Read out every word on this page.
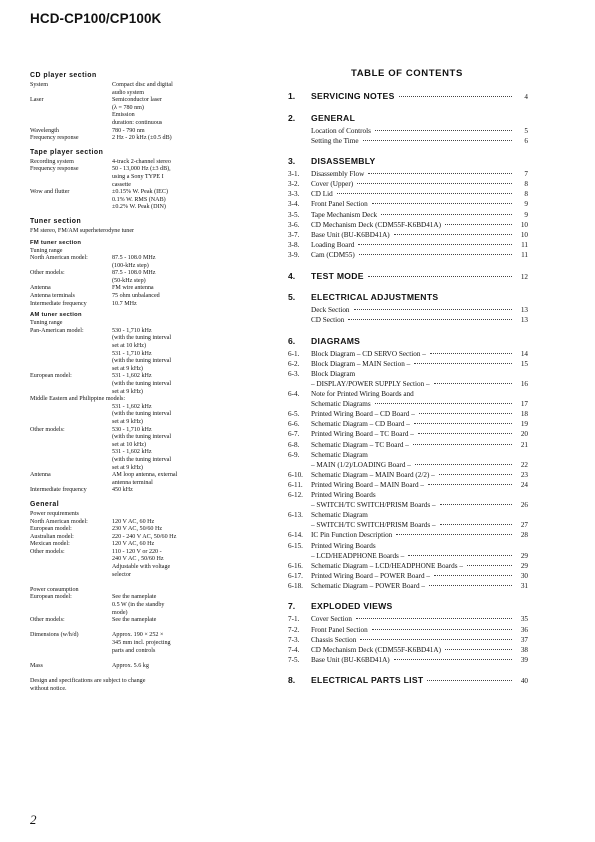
HCD-CP100/CP100K
CD player section
System	Compact disc and digital
audio system
Laser	Semiconductor laser
(λ = 780 nm)
Emission
duration: continuous
Wavelength	780 - 790 nm
Frequency response	2 Hz - 20 kHz (±0.5 dB)
Tape player section
Recording system	4-track 2-channel stereo
Frequency response	50 - 13,000 Hz (±3 dB),
using a Sony TYPE I
cassette
Wow and flutter	±0.15% W. Peak (IEC)
0.1% W. RMS (NAB)
±0.2% W. Peak (DIN)
Tuner section
FM stereo, FM/AM superheterodyne tuner
FM tuner section
Tuning range
North American model:	87.5 - 108.0 MHz
(100-kHz step)
Other models:	87.5 - 108.0 MHz
(50-kHz step)
Antenna	FM wire antenna
Antenna terminals	75 ohm unbalanced
Intermediate frequency	10.7 MHz
AM tuner section
Tuning range
Pan-American model:	530 - 1,710 kHz
(with the tuning interval
set at 10 kHz)
531 - 1,710 kHz
(with the tuning interval
set at 9 kHz)
European model:	531 - 1,602 kHz
(with the tuning interval
set at 9 kHz)
Middle Eastern and Philippine models:
531 - 1,602 kHz
(with the tuning interval
set at 9 kHz)
Other models:	530 - 1,710 kHz
(with the tuning interval
set at 10 kHz)
531 - 1,602 kHz
(with the tuning interval
set at 9 kHz)
Antenna	AM loop antenna, external
antenna terminal
Intermediate frequency	450 kHz
General
Power requirements
North American model:	120 V AC, 60 Hz
European model:	230 V AC, 50/60 Hz
Australian model:	220 - 240 V AC, 50/60 Hz
Mexican model:	120 V AC, 60 Hz
Other models:	110 - 120 V or 220 -
240 V AC , 50/60 Hz
Adjustable with voltage
selector
Power consumption
European model:	See the nameplate
0.5 W (in the standby
mode)
Other models:	See the nameplate
Dimensions (w/h/d)	Approx. 190 × 252 ×
345 mm incl. projecting
parts and controls
Mass	Approx. 5.6 kg
Design and specifications are subject to change
without notice.
TABLE OF CONTENTS
1.	SERVICING NOTES	4
2.	GENERAL
Location of Controls	5
Setting the Time	6
3.	DISASSEMBLY
3-1.	Disassembly Flow	7
3-2.	Cover (Upper)	8
3-3.	CD Lid	8
3-4.	Front Panel Section	9
3-5.	Tape Mechanism Deck	9
3-6.	CD Mechanism Deck (CDM55F-K6BD41A)	10
3-7.	Base Unit (BU-K6BD41A)	10
3-8.	Loading Board	11
3-9.	Cam (CDM55)	11
4.	TEST MODE	12
5.	ELECTRICAL ADJUSTMENTS
Deck Section	13
CD Section	13
6.	DIAGRAMS
6-1.	Block Diagram – CD SERVO Section –	14
6-2.	Block Diagram – MAIN Section –	15
6-3.	Block Diagram
– DISPLAY/POWER SUPPLY Section –	16
6-4.	Note for Printed Wiring Boards and
Schematic Diagrams	17
6-5.	Printed Wiring Board – CD Board –	18
6-6.	Schematic Diagram – CD Board –	19
6-7.	Printed Wiring Board – TC Board –	20
6-8.	Schematic Diagram – TC Board –	21
6-9.	Schematic Diagram
– MAIN (1/2)/LOADING Board –	22
6-10.	Schematic Diagram – MAIN Board (2/2) –	23
6-11.	Printed Wiring Board – MAIN Board –	24
6-12.	Printed Wiring Boards
– SWITCH/TC SWITCH/PRISM Boards –	26
6-13.	Schematic Diagram
– SWITCH/TC SWITCH/PRISM Boards –	27
6-14.	IC Pin Function Description	28
6-15.	Printed Wiring Boards
– LCD/HEADPHONE Boards –	29
6-16.	Schematic Diagram – LCD/HEADPHONE Boards –	29
6-17.	Printed Wiring Board – POWER Board –	30
6-18.	Schematic Diagram – POWER Board –	31
7.	EXPLODED VIEWS
7-1.	Cover Section	35
7-2.	Front Panel Section	36
7-3.	Chassis Section	37
7-4.	CD Mechanism Deck (CDM55F-K6BD41A)	38
7-5.	Base Unit (BU-K6BD41A)	39
8.	ELECTRICAL PARTS LIST	40
2
